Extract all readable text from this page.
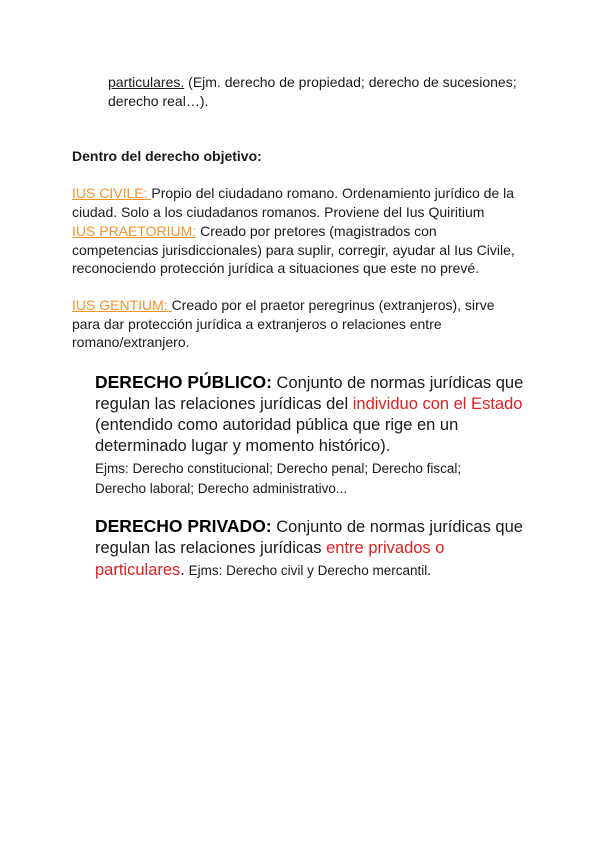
particulares. (Ejm. derecho de propiedad; derecho de sucesiones;
derecho real…).
Dentro del derecho objetivo:
IUS CIVILE: Propio del ciudadano romano. Ordenamiento jurídico de la
ciudad. Solo a los ciudadanos romanos. Proviene del Ius Quiritium
IUS PRAETORIUM: Creado por pretores (magistrados con
competencias jurisdiccionales) para suplir, corregir, ayudar al Ius Civile,
reconociendo protección jurídica a situaciones que este no prevé.
IUS GENTIUM: Creado por el praetor peregrinus (extranjeros), sirve
para dar protección jurídica a extranjeros o relaciones entre
romano/extranjero.
DERECHO PÚBLICO: Conjunto de normas jurídicas que
regulan las relaciones jurídicas del individuo con el Estado
(entendido como autoridad pública que rige en un
determinado lugar y momento histórico).
Ejms: Derecho constitucional; Derecho penal; Derecho fiscal;
Derecho laboral; Derecho administrativo...
DERECHO PRIVADO: Conjunto de normas jurídicas que
regulan las relaciones jurídicas entre privados o
particulares. Ejms: Derecho civil y Derecho mercantil.
